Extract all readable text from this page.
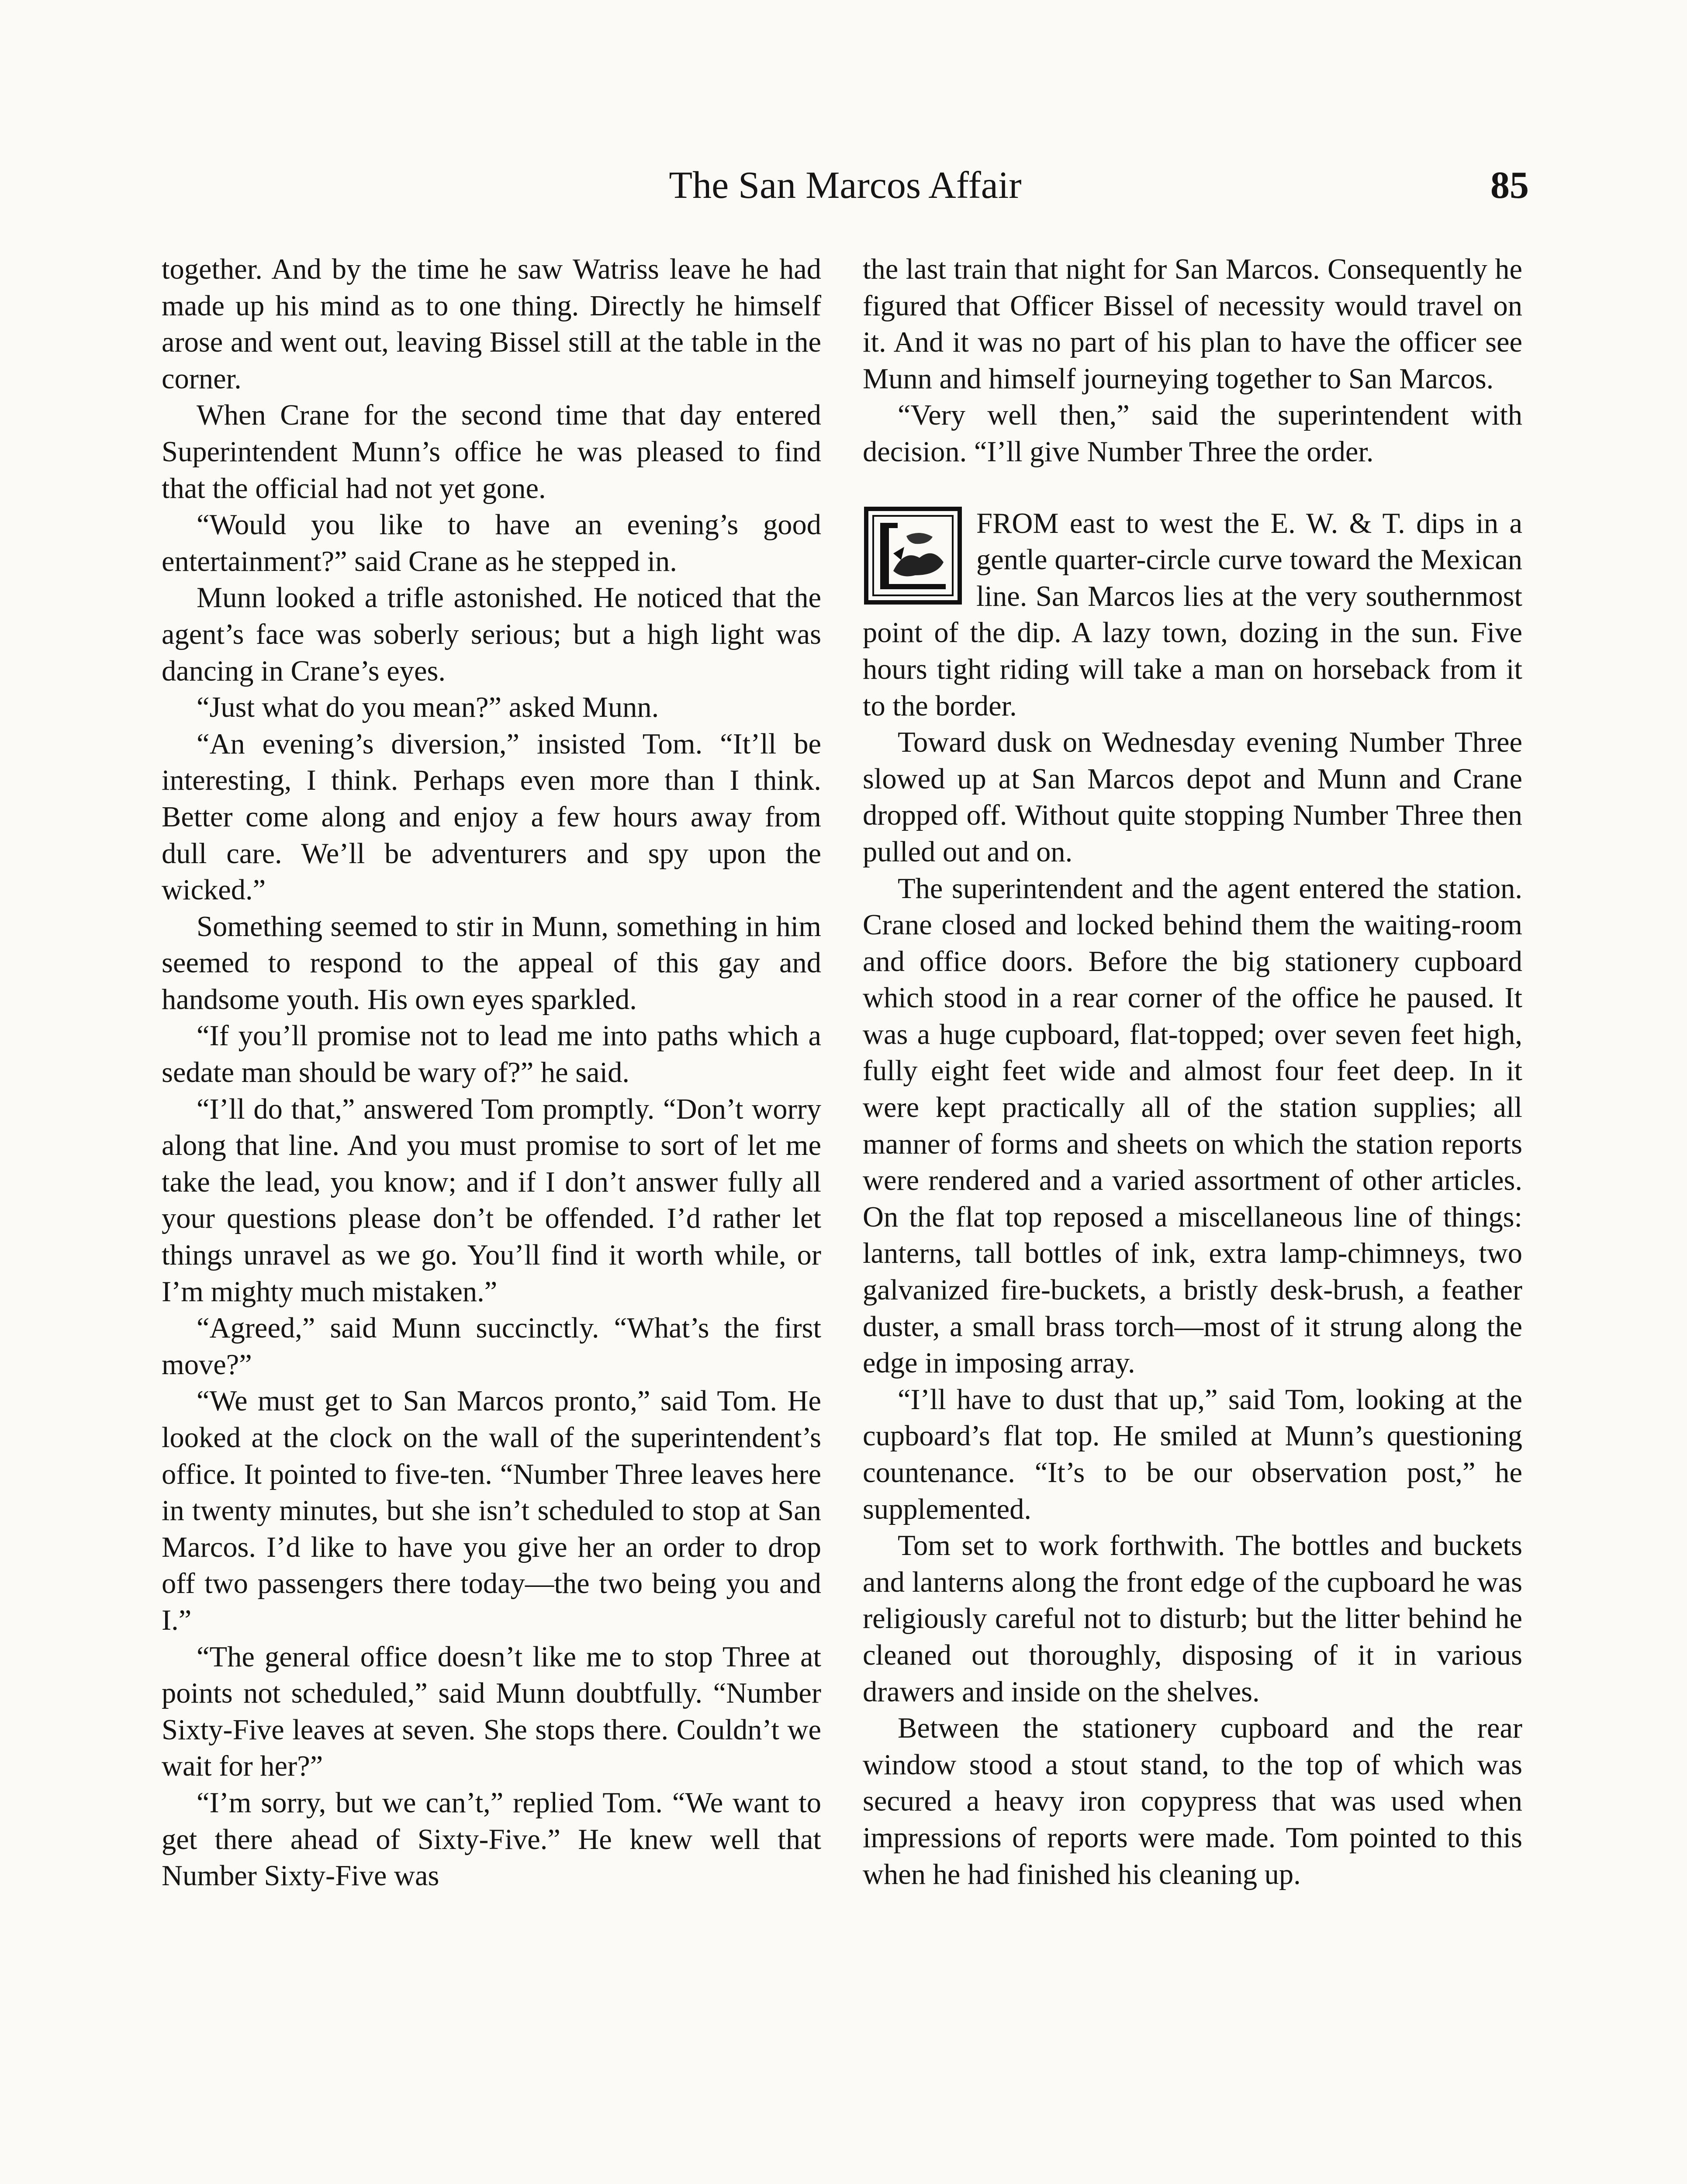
The San Marcos Affair	85

together. And by the time he saw Watriss leave he had made up his mind as to one thing. Directly he himself arose and went out, leaving Bissel still at the table in the corner.

When Crane for the second time that day entered Superintendent Munn’s office he was pleased to find that the official had not yet gone.

“Would you like to have an evening’s good entertainment?” said Crane as he stepped in.

Munn looked a trifle astonished. He noticed that the agent’s face was soberly serious; but a high light was dancing in Crane’s eyes.

“Just what do you mean?” asked Munn.

“An evening’s diversion,” insisted Tom. “It’ll be interesting, I think. Perhaps even more than I think. Better come along and enjoy a few hours away from dull care. We’ll be adventurers and spy upon the wicked.”

Something seemed to stir in Munn, something in him seemed to respond to the appeal of this gay and handsome youth. His own eyes sparkled.

“If you’ll promise not to lead me into paths which a sedate man should be wary of?” he said.

“I’ll do that,” answered Tom promptly. “Don’t worry along that line. And you must promise to sort of let me take the lead, you know; and if I don’t answer fully all your questions please don’t be offended. I’d rather let things unravel as we go. You’ll find it worth while, or I’m mighty much mistaken.”

“Agreed,” said Munn succinctly. “What’s the first move?”

“We must get to San Marcos pronto,” said Tom. He looked at the clock on the wall of the superintendent’s office. It pointed to five-ten. “Number Three leaves here in twenty minutes, but she isn’t scheduled to stop at San Marcos. I’d like to have you give her an order to drop off two passengers there today—the two being you and I.”

“The general office doesn’t like me to stop Three at points not scheduled,” said Munn doubtfully. “Number Sixty-Five leaves at seven. She stops there. Couldn’t we wait for her?”

“I’m sorry, but we can’t,” replied Tom. “We want to get there ahead of Sixty-Five.” He knew well that Number Sixty-Five was

the last train that night for San Marcos. Consequently he figured that Officer Bissel of necessity would travel on it. And it was no part of his plan to have the officer see Munn and himself journeying together to San Marcos.

“Very well then,” said the superintendent with decision. “I’ll give Number Three the order.

FROM east to west the E. W. & T. dips in a gentle quarter-circle curve toward the Mexican line. San Marcos lies at the very southernmost point of the dip. A lazy town, dozing in the sun. Five hours tight riding will take a man on horseback from it to the border.

Toward dusk on Wednesday evening Number Three slowed up at San Marcos depot and Munn and Crane dropped off. Without quite stopping Number Three then pulled out and on.

The superintendent and the agent entered the station. Crane closed and locked behind them the waiting-room and office doors. Before the big stationery cupboard which stood in a rear corner of the office he paused. It was a huge cupboard, flat-topped; over seven feet high, fully eight feet wide and almost four feet deep. In it were kept practically all of the station supplies; all manner of forms and sheets on which the station reports were rendered and a varied assortment of other articles. On the flat top reposed a miscellaneous line of things: lanterns, tall bottles of ink, extra lamp-chimneys, two galvanized fire-buckets, a bristly desk-brush, a feather duster, a small brass torch—most of it strung along the edge in imposing array.

“I’ll have to dust that up,” said Tom, looking at the cupboard’s flat top. He smiled at Munn’s questioning countenance. “It’s to be our observation post,” he supplemented.

Tom set to work forthwith. The bottles and buckets and lanterns along the front edge of the cupboard he was religiously careful not to disturb; but the litter behind he cleaned out thoroughly, disposing of it in various drawers and inside on the shelves.

Between the stationery cupboard and the rear window stood a stout stand, to the top of which was secured a heavy iron copypress that was used when impressions of reports were made. Tom pointed to this when he had finished his cleaning up.
